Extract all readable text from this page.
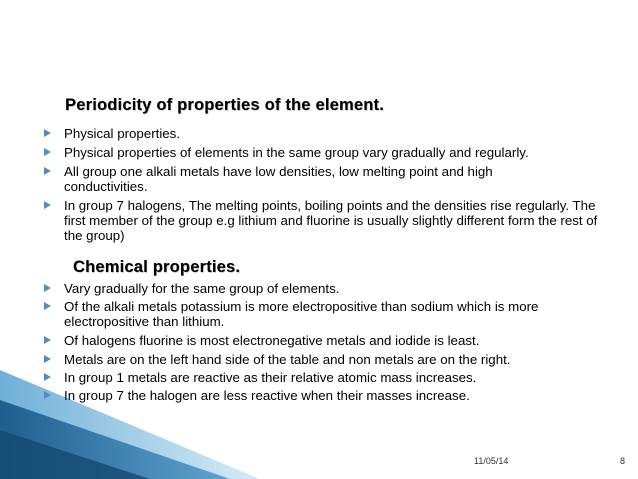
Periodicity of properties of the element.
Physical properties.
Physical properties of elements in the same group vary gradually and regularly.
All group one alkali metals have low densities, low melting point and high conductivities.
In group 7 halogens, The melting points, boiling points and the densities rise regularly. The first member of the group e.g lithium and fluorine is usually slightly different form the rest of the group)
Chemical properties.
Vary gradually for the same group of elements.
Of the alkali metals potassium is more electropositive than sodium which is more electropositive than lithium.
Of halogens fluorine is most electronegative metals and iodide is least.
Metals are on the left hand side of the table and non metals are on the right.
In group 1 metals are reactive as their relative atomic mass increases.
In group 7 the halogen are less reactive when their masses increase.
11/05/14	8
